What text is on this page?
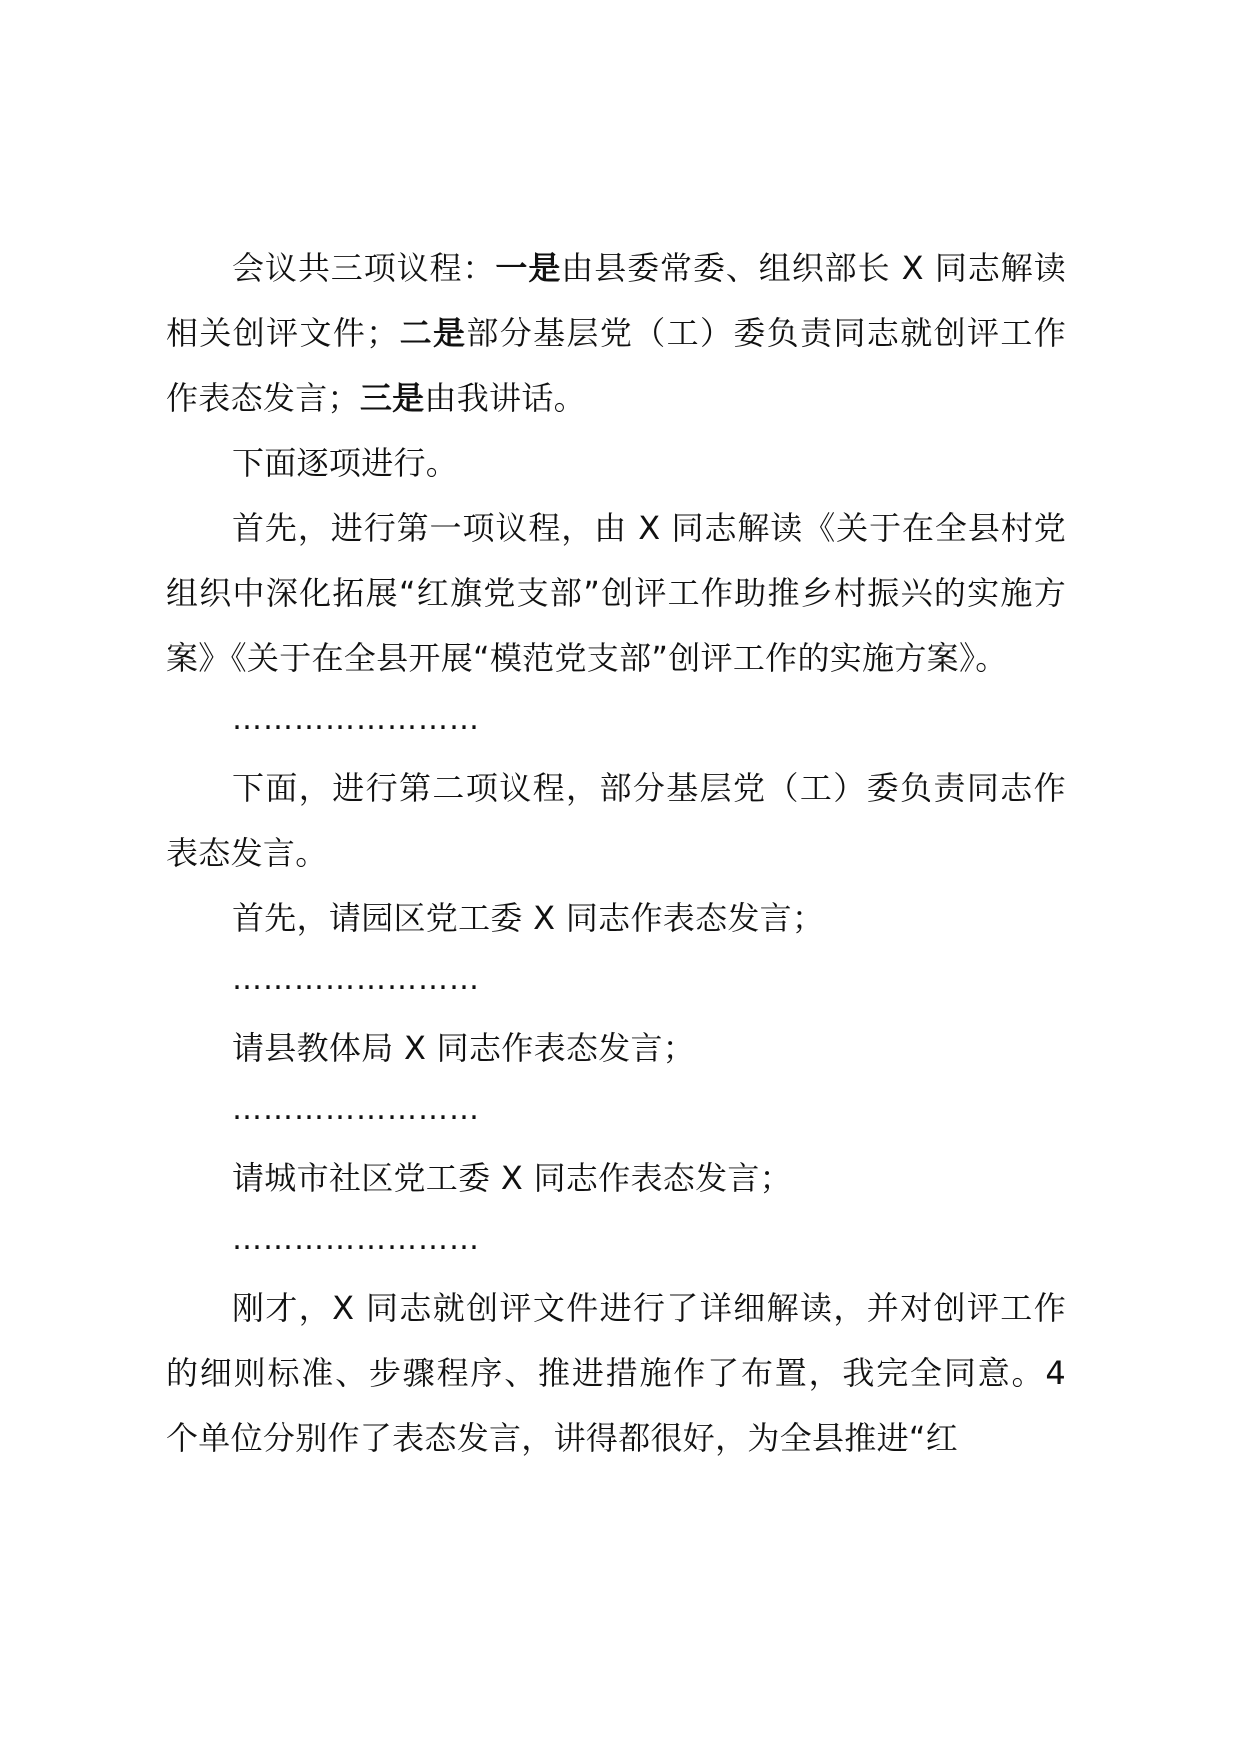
会议共三项议程：一是由县委常委、组织部长 X 同志解读相关创评文件；二是部分基层党（工）委负责同志就创评工作作表态发言；三是由我讲话。

下面逐项进行。

首先，进行第一项议程，由 X 同志解读《关于在全县村党组织中深化拓展“红旗党支部”创评工作助推乡村振兴的实施方案》《关于在全县开展“模范党支部”创评工作的实施方案》。

……………………

下面，进行第二项议程，部分基层党（工）委负责同志作表态发言。

首先，请园区党工委 X 同志作表态发言；

……………………

请县教体局 X 同志作表态发言；

……………………

请城市社区党工委 X 同志作表态发言；

……………………

刚才，X 同志就创评文件进行了详细解读，并对创评工作的细则标准、步骤程序、推进措施作了布置，我完全同意。4 个单位分别作了表态发言，讲得都很好，为全县推进“红
